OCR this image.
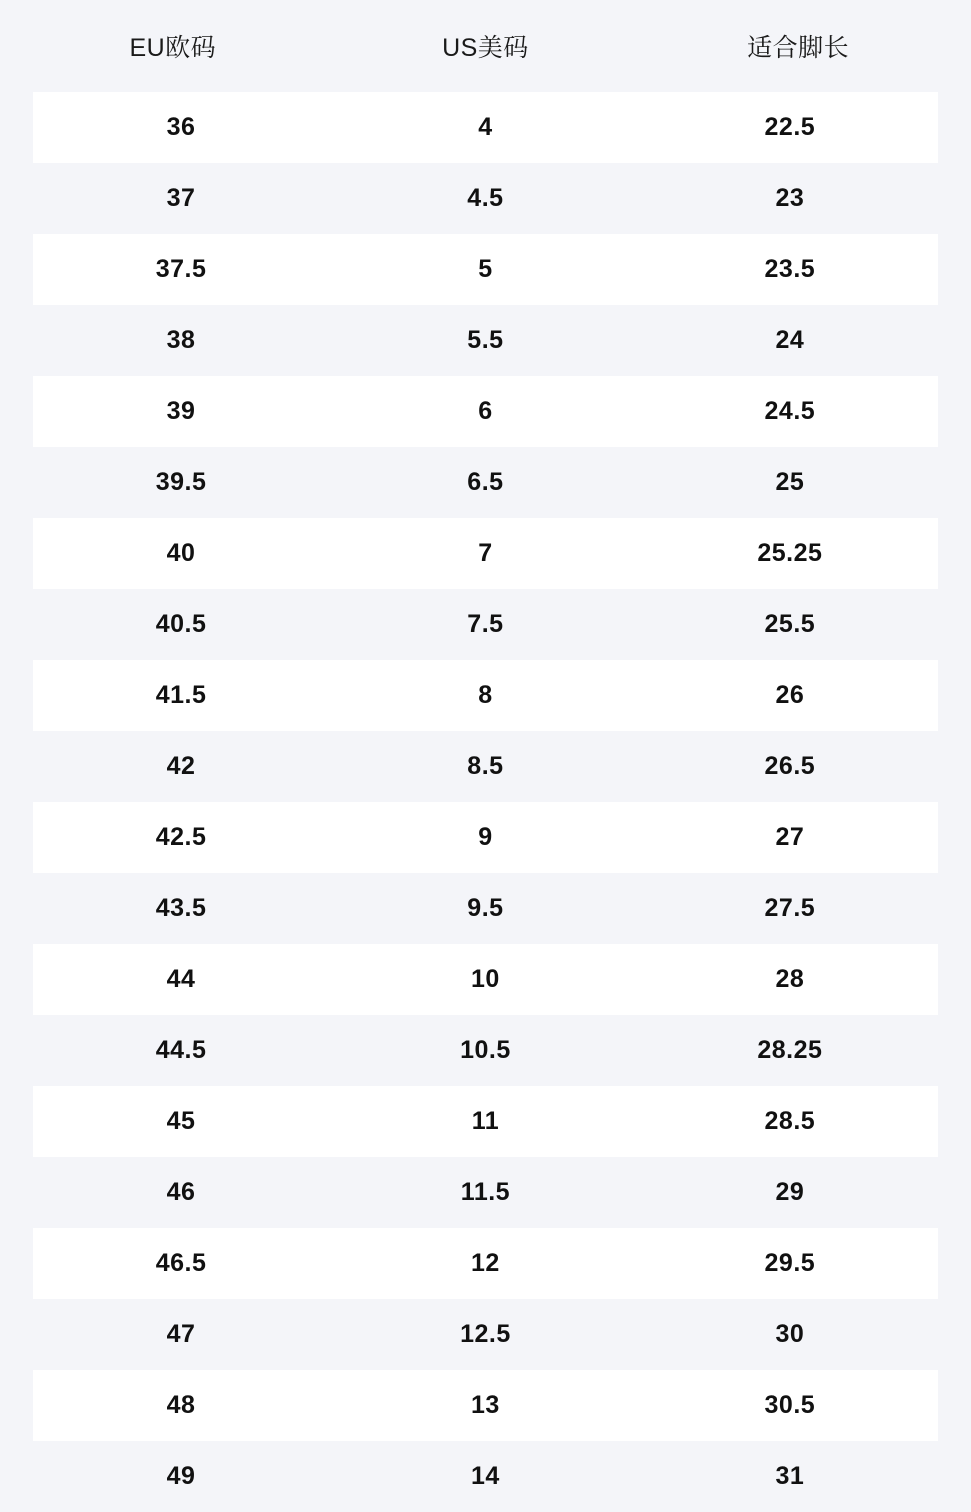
EU欧码	US美码	适合脚长
36	4	22.5
37	4.5	23
37.5	5	23.5
38	5.5	24
39	6	24.5
39.5	6.5	25
40	7	25.25
40.5	7.5	25.5
41.5	8	26
42	8.5	26.5
42.5	9	27
43.5	9.5	27.5
44	10	28
44.5	10.5	28.25
45	11	28.5
46	11.5	29
46.5	12	29.5
47	12.5	30
48	13	30.5
49	14	31
